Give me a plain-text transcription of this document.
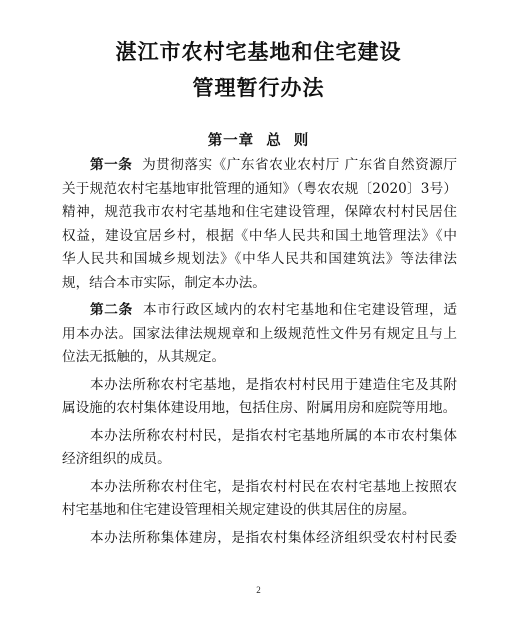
湛江市农村宅基地和住宅建设
管理暂行办法
第一章 总  则
第一条 为贯彻落实《广东省农业农村厅 广东省自然资源厅
关于规范农村宅基地审批管理的通知》（粤农农规〔2020〕3号）
精神，规范我市农村宅基地和住宅建设管理，保障农村村民居住
权益，建设宜居乡村，根据《中华人民共和国土地管理法》《中
华人民共和国城乡规划法》《中华人民共和国建筑法》等法律法
规，结合本市实际，制定本办法。
第二条 本市行政区域内的农村宅基地和住宅建设管理，适
用本办法。国家法律法规规章和上级规范性文件另有规定且与上
位法无抵触的，从其规定。
本办法所称农村宅基地，是指农村村民用于建造住宅及其附
属设施的农村集体建设用地，包括住房、附属用房和庭院等用地。
本办法所称农村村民，是指农村宅基地所属的本市农村集体
经济组织的成员。
本办法所称农村住宅，是指农村村民在农村宅基地上按照农
村宅基地和住宅建设管理相关规定建设的供其居住的房屋。
本办法所称集体建房，是指农村集体经济组织受农村村民委
2
